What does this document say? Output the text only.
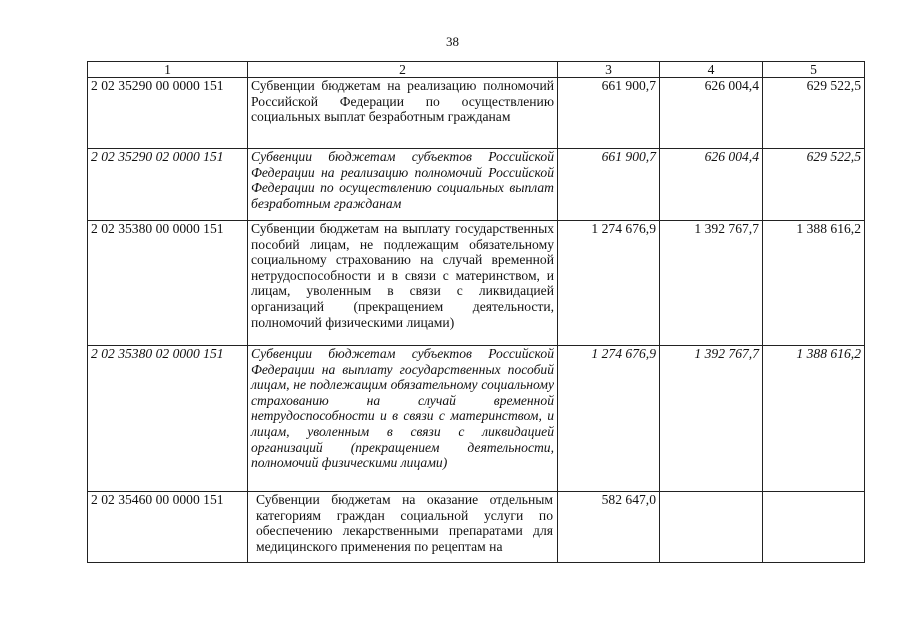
38
1	2	3	4	5
2 02 35290 00 0000 151	Субвенции бюджетам на реализацию полномочий Российской Федерации по осуществлению социальных выплат безработным гражданам	661 900,7	626 004,4	629 522,5
2 02 35290 02 0000 151	Субвенции бюджетам субъектов Российской Федерации на реализацию полномочий Российской Федерации по осуществлению социальных выплат безработным гражданам	661 900,7	626 004,4	629 522,5
2 02 35380 00 0000 151	Субвенции бюджетам на выплату государственных пособий лицам, не подлежащим обязательному социальному страхованию на случай временной нетрудоспособности и в связи с материнством, и лицам, уволенным в связи с ликвидацией организаций (прекращением деятельности, полномочий физическими лицами)	1 274 676,9	1 392 767,7	1 388 616,2
2 02 35380 02 0000 151	Субвенции бюджетам субъектов Российской Федерации на выплату государственных пособий лицам, не подлежащим обязательному социальному страхованию на случай временной нетрудоспособности и в связи с материнством, и лицам, уволенным в связи с ликвидацией организаций (прекращением деятельности, полномочий физическими лицами)	1 274 676,9	1 392 767,7	1 388 616,2
2 02 35460 00 0000 151	Субвенции бюджетам на оказание отдельным категориям граждан социальной услуги по обеспечению лекарственными препаратами для медицинского применения по рецептам на	582 647,0		
